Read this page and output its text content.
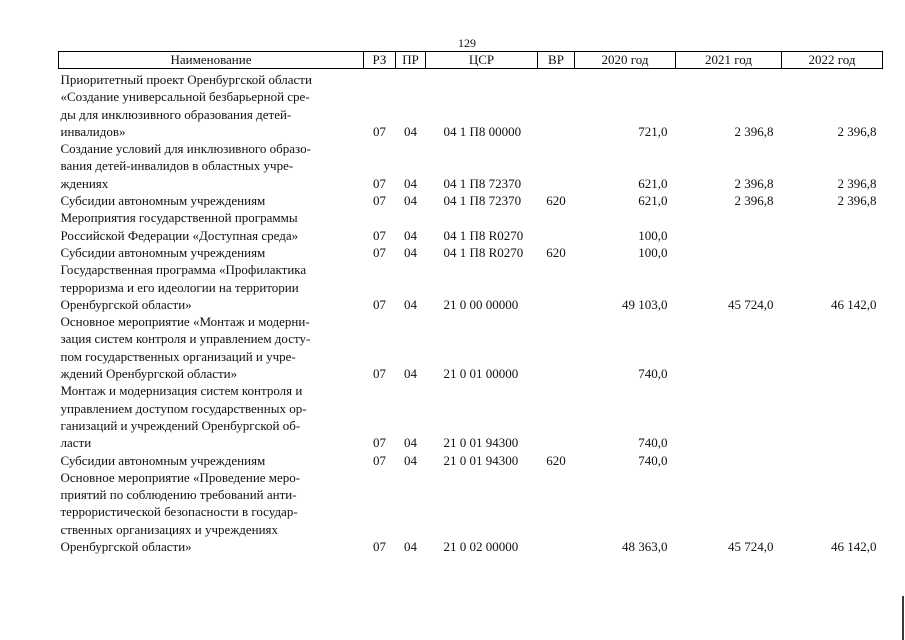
129
Наименование	РЗ	ПР	ЦСР	ВР	2020 год	2021 год	2022 год
Приоритетный проект Оренбургской области
«Создание универсальной безбарьерной сре-
ды для инклюзивного образования детей-
инвалидов»	07	04	04 1 П8 00000		721,0	2 396,8	2 396,8
Создание условий для инклюзивного образо-
вания детей-инвалидов в областных учре-
ждениях	07	04	04 1 П8 72370		621,0	2 396,8	2 396,8
Субсидии автономным учреждениям	07	04	04 1 П8 72370	620	621,0	2 396,8	2 396,8
Мероприятия государственной программы
Российской Федерации «Доступная среда»	07	04	04 1 П8 R0270		100,0		
Субсидии автономным учреждениям	07	04	04 1 П8 R0270	620	100,0		
Государственная программа «Профилактика
терроризма и его идеологии на территории
Оренбургской области»	07	04	21 0 00 00000		49 103,0	45 724,0	46 142,0
Основное мероприятие «Монтаж и модерни-
зация систем контроля и управлением досту-
пом государственных организаций и учре-
ждений Оренбургской области»	07	04	21 0 01 00000		740,0		
Монтаж и модернизация систем контроля и
управлением доступом государственных ор-
ганизаций и учреждений Оренбургской об-
ласти	07	04	21 0 01 94300		740,0		
Субсидии автономным учреждениям	07	04	21 0 01 94300	620	740,0		
Основное мероприятие «Проведение меро-
приятий по соблюдению требований анти-
террористической безопасности в государ-
ственных организациях и учреждениях
Оренбургской области»	07	04	21 0 02 00000		48 363,0	45 724,0	46 142,0
